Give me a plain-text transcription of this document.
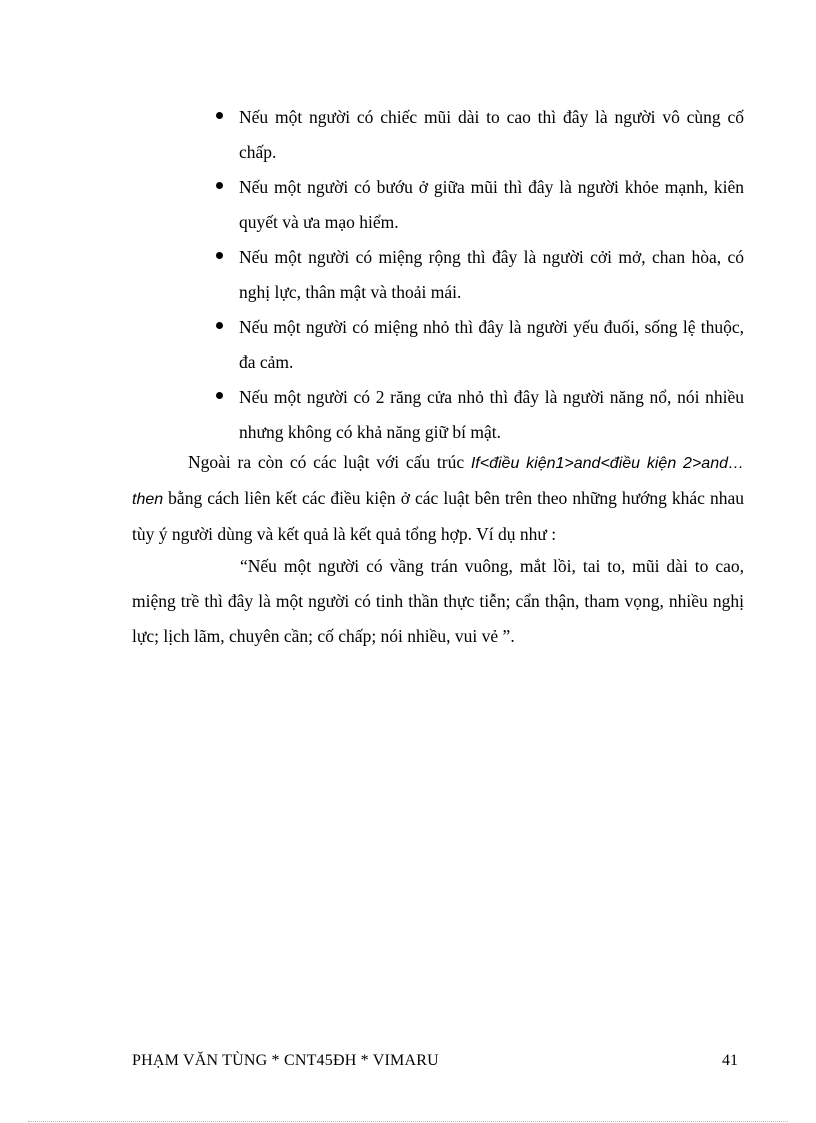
Nếu một người có chiếc mũi dài to cao thì đây là người vô cùng cố chấp.
Nếu một người có bướu ở giữa mũi thì đây là người khỏe mạnh, kiên quyết và ưa mạo hiểm.
Nếu một người có miệng rộng thì đây là người cởi mở, chan hòa, có nghị lực, thân mật và thoải mái.
Nếu một người có miệng nhỏ thì đây là người yếu đuối, sống lệ thuộc, đa cảm.
Nếu một người có 2 răng cửa nhỏ thì đây là người năng nổ, nói nhiều nhưng không có khả năng giữ bí mật.

Ngoài ra còn có các luật với cấu trúc If<điều kiện1>and<điều kiện 2>and…then bằng cách liên kết các điều kiện ở các luật bên trên theo những hướng khác nhau tùy ý người dùng và kết quả là kết quả tổng hợp. Ví dụ như :

“Nếu một người có vầng trán vuông, mắt lồi, tai to, mũi dài to cao, miệng trề thì đây là một người có tinh thần thực tiễn; cẩn thận, tham vọng, nhiều nghị lực; lịch lãm, chuyên cần; cố chấp; nói nhiều, vui vẻ ”.

PHẠM VĂN TÙNG * CNT45ĐH * VIMARU	41
